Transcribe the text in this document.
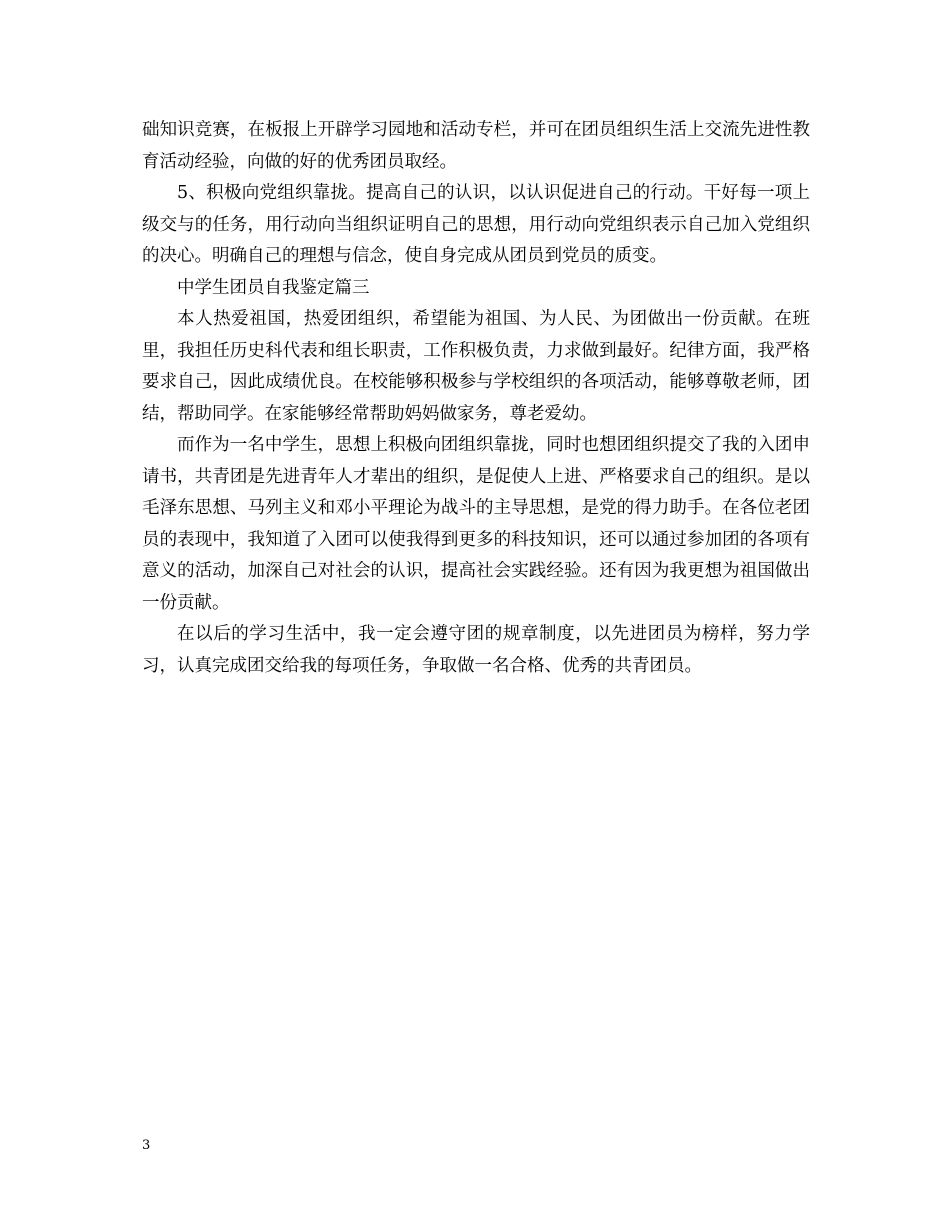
础知识竞赛，在板报上开辟学习园地和活动专栏，并可在团员组织生活上交流先进性教育活动经验，向做的好的优秀团员取经。

5、积极向党组织靠拢。提高自己的认识，以认识促进自己的行动。干好每一项上级交与的任务，用行动向当组织证明自己的思想，用行动向党组织表示自己加入党组织的决心。明确自己的理想与信念，使自身完成从团员到党员的质变。

中学生团员自我鉴定篇三

本人热爱祖国，热爱团组织，希望能为祖国、为人民、为团做出一份贡献。在班里，我担任历史科代表和组长职责，工作积极负责，力求做到最好。纪律方面，我严格要求自己，因此成绩优良。在校能够积极参与学校组织的各项活动，能够尊敬老师，团结，帮助同学。在家能够经常帮助妈妈做家务，尊老爱幼。

而作为一名中学生，思想上积极向团组织靠拢，同时也想团组织提交了我的入团申请书，共青团是先进青年人才辈出的组织，是促使人上进、严格要求自己的组织。是以毛泽东思想、马列主义和邓小平理论为战斗的主导思想，是党的得力助手。在各位老团员的表现中，我知道了入团可以使我得到更多的科技知识，还可以通过参加团的各项有意义的活动，加深自己对社会的认识，提高社会实践经验。还有因为我更想为祖国做出一份贡献。

在以后的学习生活中，我一定会遵守团的规章制度，以先进团员为榜样，努力学习，认真完成团交给我的每项任务，争取做一名合格、优秀的共青团员。

3
